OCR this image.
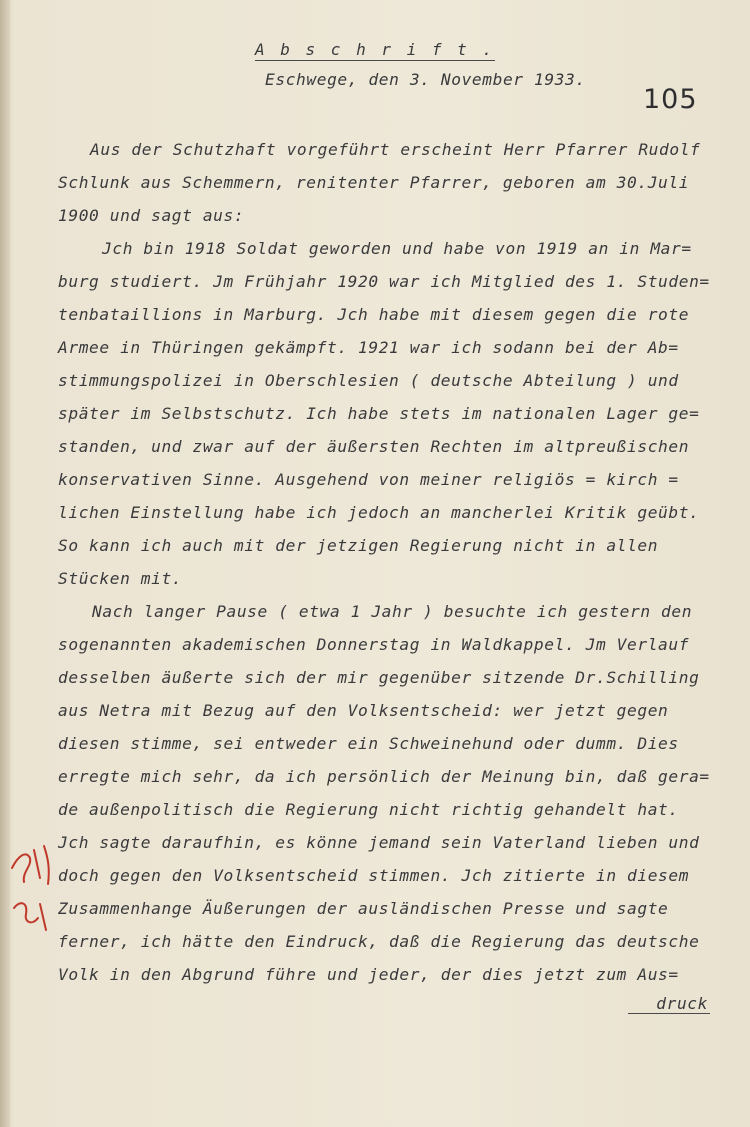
A b s c h r i f t .
Eschwege, den 3. November 1933.
105
Aus der Schutzhaft vorgeführt erscheint Herr Pfarrer Rudolf
Schlunk aus Schemmern, renitenter Pfarrer, geboren am 30.Juli
1900 und sagt aus:
Jch bin 1918 Soldat geworden und habe von 1919 an in Mar=
burg studiert. Jm Frühjahr 1920 war ich Mitglied des 1. Studen=
tenbataillions in Marburg. Jch habe mit diesem gegen die rote
Armee in Thüringen gekämpft. 1921 war ich sodann bei der Ab=
stimmungspolizei in Oberschlesien ( deutsche Abteilung ) und
später im Selbstschutz. Ich habe stets im nationalen Lager ge=
standen, und zwar auf der äußersten Rechten im altpreußischen
konservativen Sinne. Ausgehend von meiner religiös = kirch =
lichen Einstellung habe ich jedoch an mancherlei Kritik geübt.
So kann ich auch mit der jetzigen Regierung nicht in allen
Stücken mit.
Nach langer Pause ( etwa 1 Jahr ) besuchte ich gestern den
sogenannten akademischen Donnerstag in Waldkappel. Jm Verlauf
desselben äußerte sich der mir gegenüber sitzende Dr.Schilling
aus Netra mit Bezug auf den Volksentscheid: wer jetzt gegen
diesen stimme, sei entweder ein Schweinehund oder dumm. Dies
erregte mich sehr, da ich persönlich der Meinung bin, daß gera=
de außenpolitisch die Regierung nicht richtig gehandelt hat.
Jch sagte daraufhin, es könne jemand sein Vaterland lieben und
doch gegen den Volksentscheid stimmen. Jch zitierte in diesem
Zusammenhange Äußerungen der ausländischen Presse und sagte
ferner, ich hätte den Eindruck, daß die Regierung das deutsche
Volk in den Abgrund führe und jeder, der dies jetzt zum Aus=
druck
